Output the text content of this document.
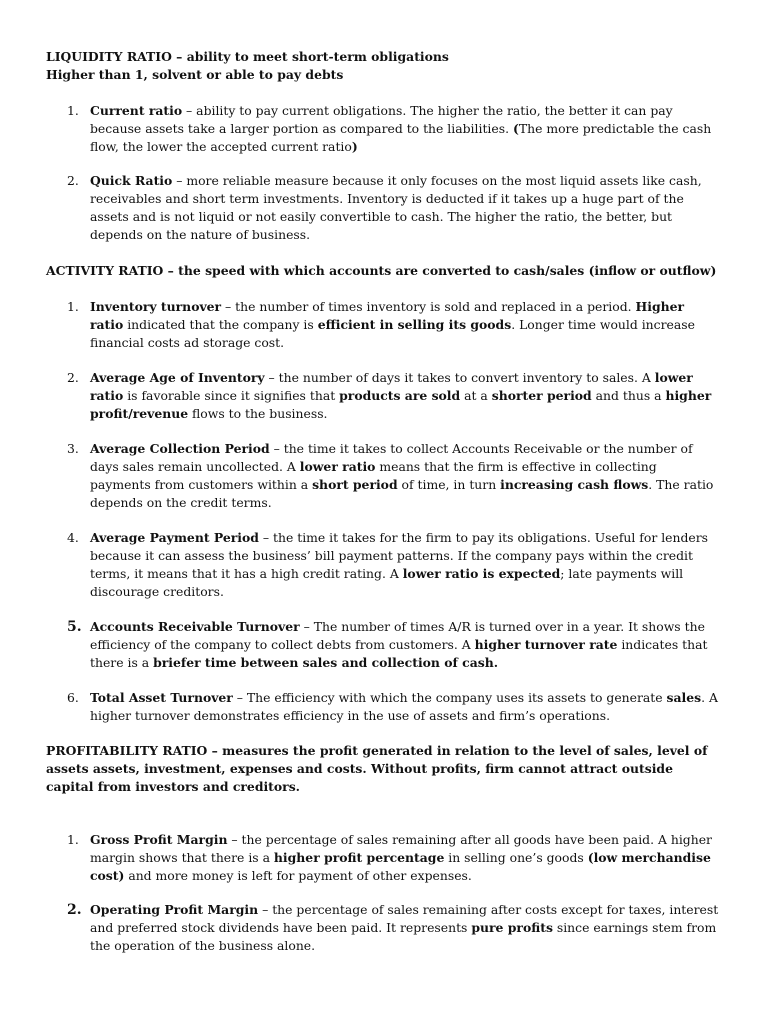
LIQUIDITY RATIO – ability to meet short-term obligations

Higher than 1, solvent or able to pay debts

1. Current ratio – ability to pay current obligations. The higher the ratio, the better it can pay because assets take a larger portion as compared to the liabilities. (The more predictable the cash flow, the lower the accepted current ratio)
2. Quick Ratio – more reliable measure because it only focuses on the most liquid assets like cash, receivables and short term investments. Inventory is deducted if it takes up a huge part of the assets and is not liquid or not easily convertible to cash. The higher the ratio, the better, but depends on the nature of business.

ACTIVITY RATIO – the speed with which accounts are converted to cash/sales (inflow or outflow)

1. Inventory turnover – the number of times inventory is sold and replaced in a period. Higher ratio indicated that the company is efficient in selling its goods. Longer time would increase financial costs ad storage cost.
2. Average Age of Inventory – the number of days it takes to convert inventory to sales. A lower ratio is favorable since it signifies that products are sold at a shorter period and thus a higher profit/revenue flows to the business.
3. Average Collection Period – the time it takes to collect Accounts Receivable or the number of days sales remain uncollected. A lower ratio means that the firm is effective in collecting payments from customers within a short period of time, in turn increasing cash flows. The ratio depends on the credit terms.
4. Average Payment Period – the time it takes for the firm to pay its obligations. Useful for lenders because it can assess the business’ bill payment patterns. If the company pays within the credit terms, it means that it has a high credit rating. A lower ratio is expected; late payments will discourage creditors.
5. Accounts Receivable Turnover – The number of times A/R is turned over in a year. It shows the efficiency of the company to collect debts from customers. A higher turnover rate indicates that there is a briefer time between sales and collection of cash.
6. Total Asset Turnover – The efficiency with which the company uses its assets to generate sales. A higher turnover demonstrates efficiency in the use of assets and firm’s operations.

PROFITABILITY RATIO – measures the profit generated in relation to the level of sales, level of assets assets, investment, expenses and costs. Without profits, firm cannot attract outside capital from investors and creditors.

1. Gross Profit Margin – the percentage of sales remaining after all goods have been paid. A higher margin shows that there is a higher profit percentage in selling one’s goods (low merchandise cost) and more money is left for payment of other expenses.
2. Operating Profit Margin – the percentage of sales remaining after costs except for taxes, interest and preferred stock dividends have been paid. It represents pure profits since earnings stem from the operation of the business alone.
